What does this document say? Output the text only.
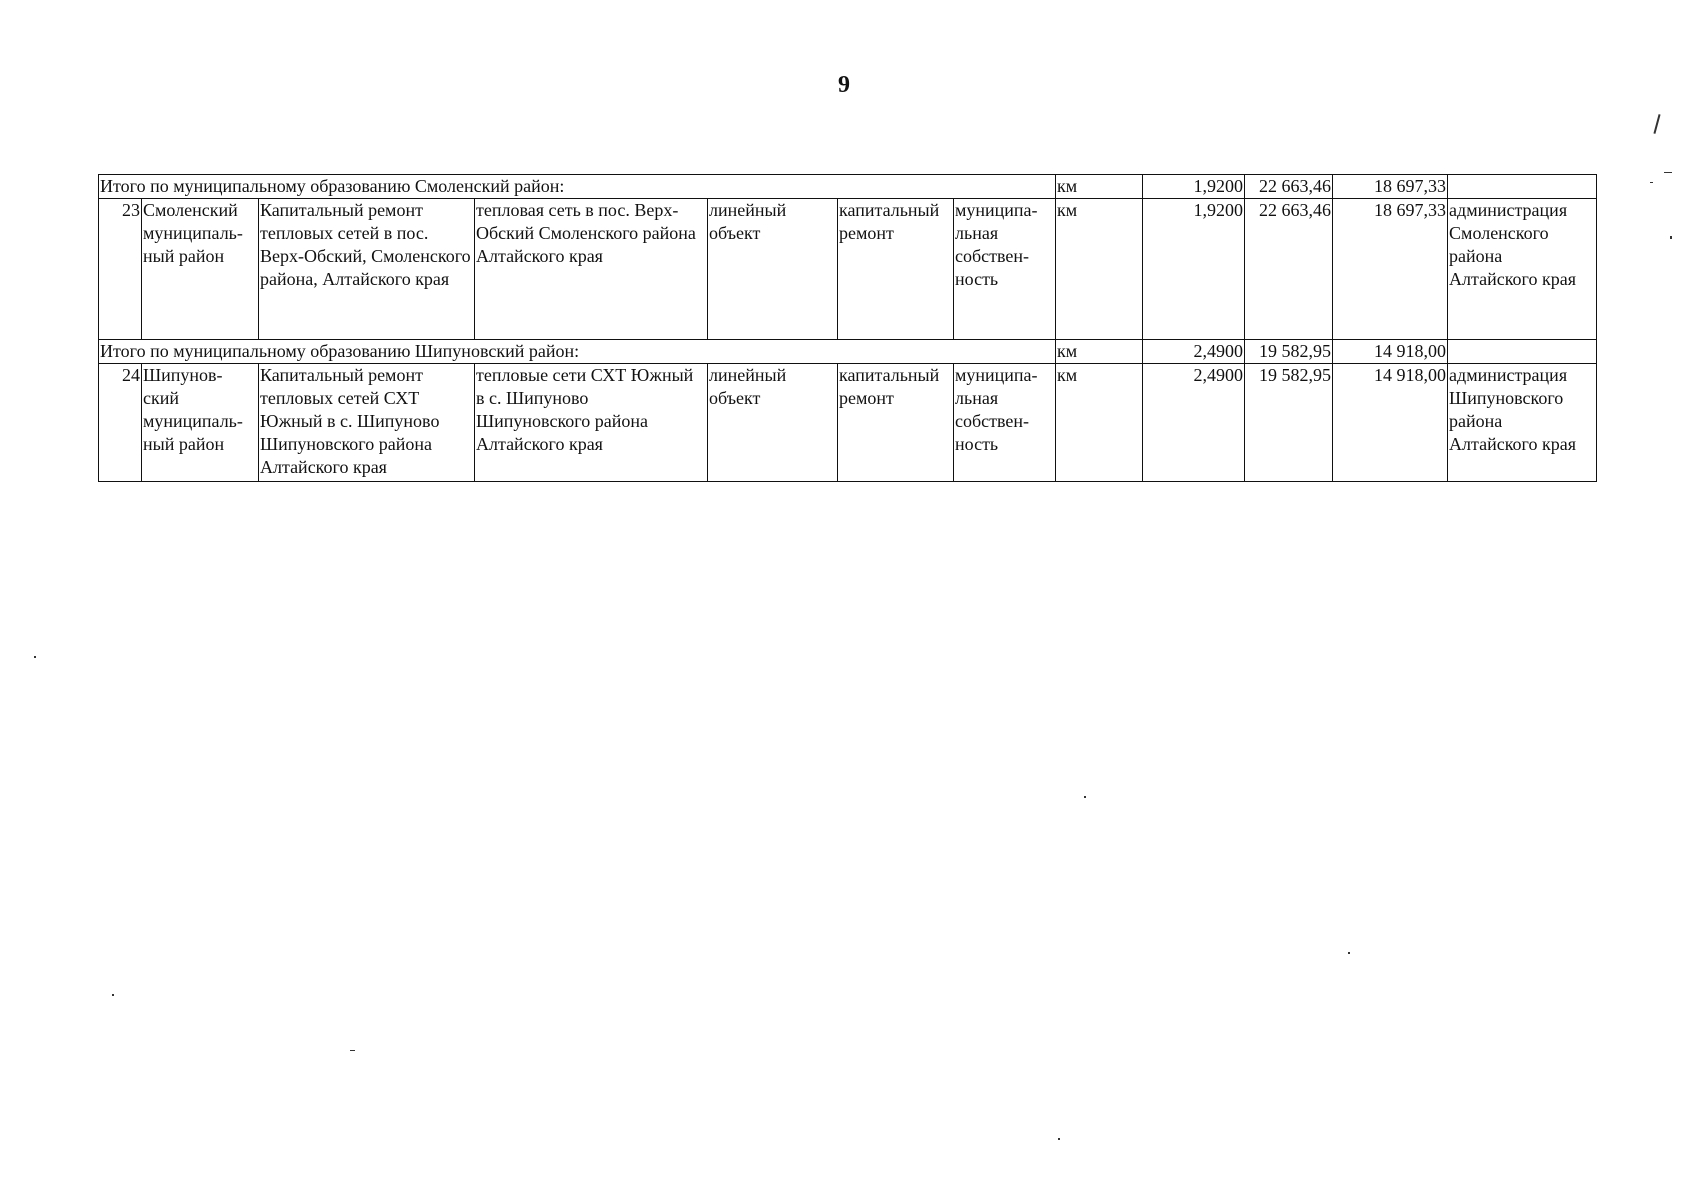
9
Итого по муниципальному образованию Смоленский район:							км	1,9200	22 663,46	18 697,33	
23	Смоленский муниципаль-ный район	Капитальный ремонт тепловых сетей в пос. Верх-Обский, Смоленского района, Алтайского края	тепловая сеть в пос. Верх-Обский Смоленского района Алтайского края	линейный объект	капитальный ремонт	муниципа-льная собствен-ность	км	1,9200	22 663,46	18 697,33	администрация Смоленского района Алтайского края
Итого по муниципальному образованию Шипуновский район:							км	2,4900	19 582,95	14 918,00	
24	Шипунов-ский муниципаль-ный район	Капитальный ремонт тепловых сетей СХТ Южный в с. Шипуново Шипуновского района Алтайского края	тепловые сети СХТ Южный в с. Шипуново Шипуновского района Алтайского края	линейный объект	капитальный ремонт	муниципа-льная собствен-ность	км	2,4900	19 582,95	14 918,00	администрация Шипуновского района Алтайского края
